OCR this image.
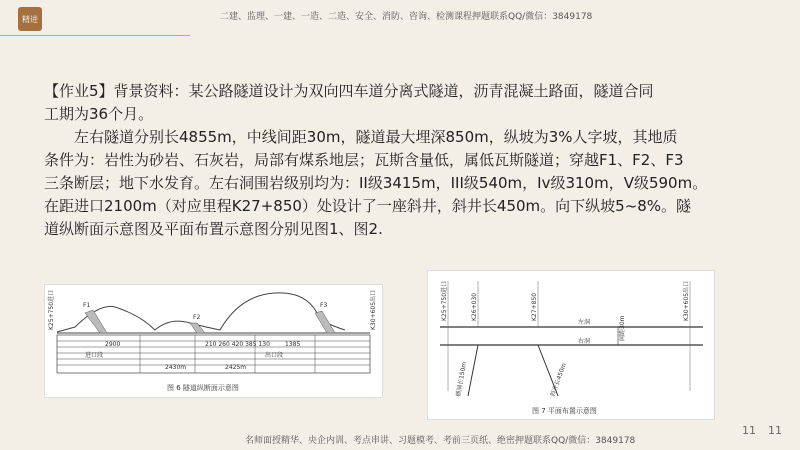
精进	二建、监理、一建、一造、二造、安全、消防、咨询、检测课程押题联系QQ/微信：3849178

【作业5】背景资料：某公路隧道设计为双向四车道分离式隧道，沥青混凝土路面，隧道合同

工期为36个月。

左右隧道分别长4855m，中线间距30m，隧道最大埋深850m，纵坡为3%人字坡，其地质

条件为：岩性为砂岩、石灰岩，局部有煤系地层；瓦斯含量低，属低瓦斯隧道；穿越F1、F2、F3

三条断层；地下水发育。左右洞围岩级别均为：II级3415m，III级540m，Iv级310m，V级590m。

在距进口2100m（对应里程K27+850）处设计了一座斜井，斜井长450m。向下纵坡5~8%。隧

道纵断面示意图及平面布置示意图分别见图1、图2.

F1
F2
F3
K25+750进口	K30+605出口
2900	210 260 420 385 130	1385
进口段	出口段
2430m	2425m
图 6 隧道纵断面示意图
K25+750进口	K26+030	K27+850	K30+605出口
左洞
右洞
间距30m
横洞长150m	斜井长450m
图 7 平面布置示意图
名师面授精华、央企内训、考点串讲、习题模考、考前三页纸、绝密押题联系QQ/微信：3849178
11 11
